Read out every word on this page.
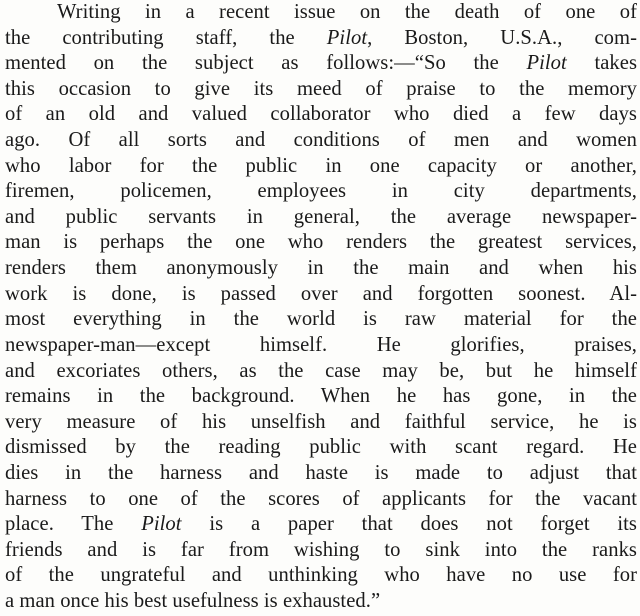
Writing in a recent issue on the death of one of
the contributing staff, the Pilot, Boston, U.S.A., com-
mented on the subject as follows:—“So the Pilot takes
this occasion to give its meed of praise to the memory
of an old and valued collaborator who died a few days
ago. Of all sorts and conditions of men and women
who labor for the public in one capacity or another,
firemen, policemen, employees in city departments,
and public servants in general, the average newspaper-
man is perhaps the one who renders the greatest services,
renders them anonymously in the main and when his
work is done, is passed over and forgotten soonest. Al-
most everything in the world is raw material for the
newspaper-man—except himself. He glorifies, praises,
and excoriates others, as the case may be, but he himself
remains in the background. When he has gone, in the
very measure of his unselfish and faithful service, he is
dismissed by the reading public with scant regard. He
dies in the harness and haste is made to adjust that
harness to one of the scores of applicants for the vacant
place. The Pilot is a paper that does not forget its
friends and is far from wishing to sink into the ranks
of the ungrateful and unthinking who have no use for
a man once his best usefulness is exhausted.”
